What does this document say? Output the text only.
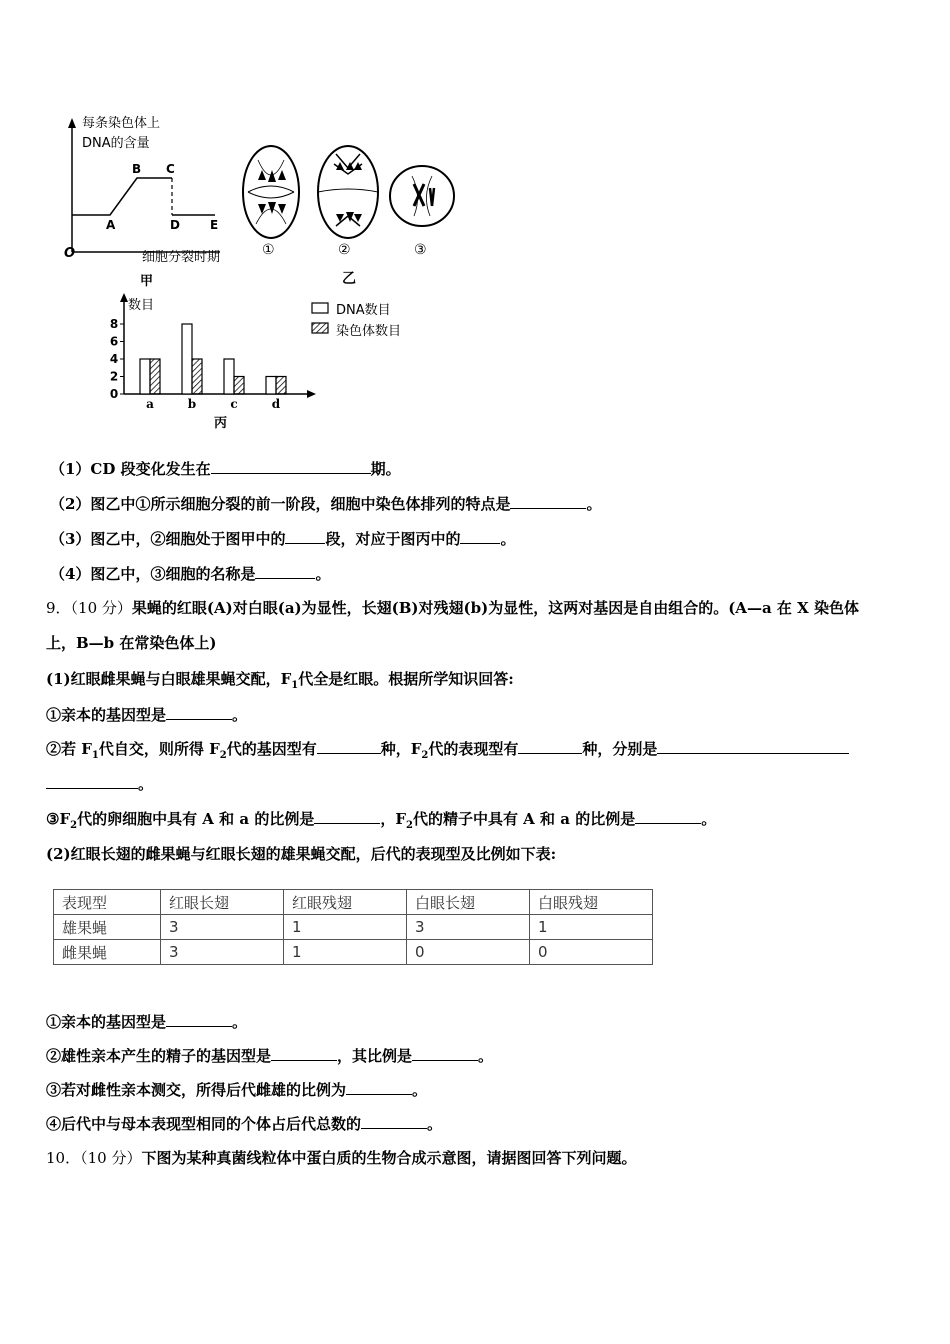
每条染色体上
DNA的含量
B C
A	D	E
O	细胞分裂时期
甲
①	②	③
乙
0
2
4
6
8
a	b	c	d
数目	DNA数目
染色体数目
丙
（1）CD 段变化发生在	期。
（2）图乙中①所示细胞分裂的前一阶段，细胞中染色体排列的特点是	。
（3）图乙中，②细胞处于图甲中的	段，对应于图丙中的	。
（4）图乙中，③细胞的名称是	。
9．（10 分）果蝇的红眼(A)对白眼(a)为显性，长翅(B)对残翅(b)为显性，这两对基因是自由组合的。(A—a 在 X 染色体
上，B—b 在常染色体上)
(1)红眼雌果蝇与白眼雄果蝇交配，$F_1$代全是红眼。根据所学知识回答:
①亲本的基因型是	。
②若 $F_1$代自交，则所得 $F_2$代的基因型有	种，$F_2$代的表现型有	种，分别是
。
$③F_2$代的卵细胞中具有 A 和 a 的比例是	，$F_2$代的精子中具有 A 和 a 的比例是	。
(2)红眼长翅的雌果蝇与红眼长翅的雄果蝇交配，后代的表现型及比例如下表:
表现型	红眼长翅	红眼残翅	白眼长翅	白眼残翅
雄果蝇	3	1	3	1
雌果蝇	3	1	0	0
①亲本的基因型是	。
②雄性亲本产生的精子的基因型是	，其比例是	。
③若对雌性亲本测交，所得后代雌雄的比例为	。
④后代中与母本表现型相同的个体占后代总数的	。
10．（10 分）下图为某种真菌线粒体中蛋白质的生物合成示意图，请据图回答下列问题。
